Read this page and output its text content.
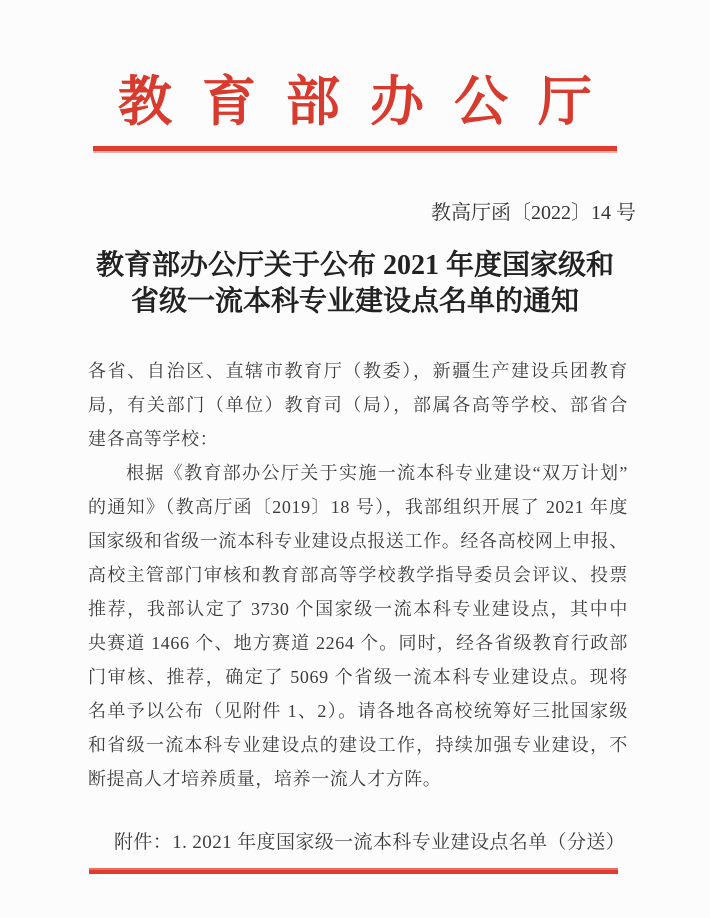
教育部办公厅
教高厅函〔2022〕14 号
教育部办公厅关于公布 2021 年度国家级和
省级一流本科专业建设点名单的通知
各省、自治区、直辖市教育厅（教委），新疆生产建设兵团教育
局，有关部门（单位）教育司（局），部属各高等学校、部省合
建各高等学校：
根据《教育部办公厅关于实施一流本科专业建设“双万计划”
的通知》（教高厅函〔2019〕18 号），我部组织开展了 2021 年度
国家级和省级一流本科专业建设点报送工作。经各高校网上申报、
高校主管部门审核和教育部高等学校教学指导委员会评议、投票
推荐，我部认定了 3730 个国家级一流本科专业建设点，其中中
央赛道 1466 个、地方赛道 2264 个。同时，经各省级教育行政部
门审核、推荐，确定了 5069 个省级一流本科专业建设点。现将
名单予以公布（见附件 1、2）。请各地各高校统筹好三批国家级
和省级一流本科专业建设点的建设工作，持续加强专业建设，不
断提高人才培养质量，培养一流人才方阵。
附件：1. 2021 年度国家级一流本科专业建设点名单（分送）
